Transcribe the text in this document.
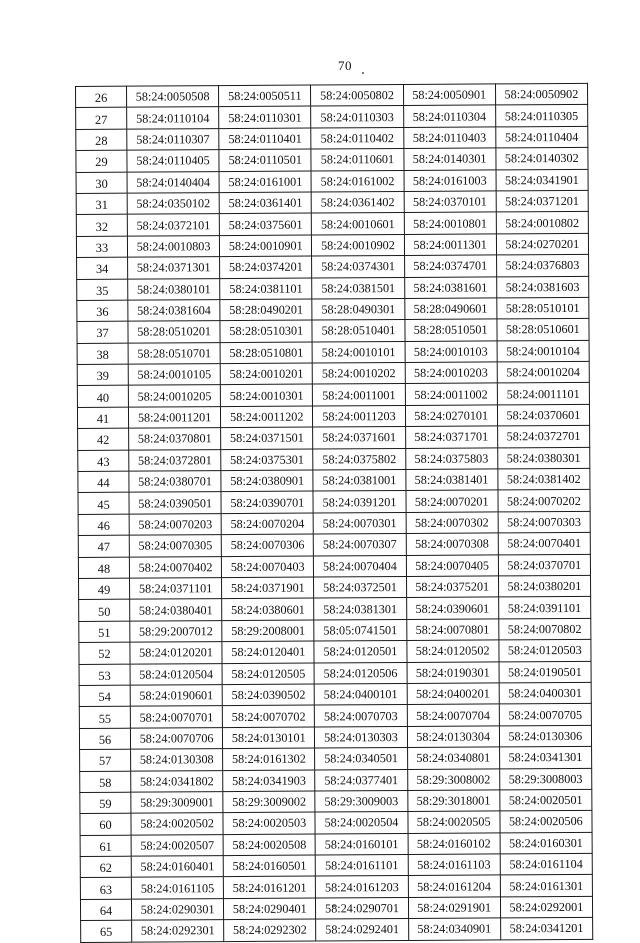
70
26	58:24:0050508	58:24:0050511	58:24:0050802	58:24:0050901	58:24:0050902
27	58:24:0110104	58:24:0110301	58:24:0110303	58:24:0110304	58:24:0110305
28	58:24:0110307	58:24:0110401	58:24:0110402	58:24:0110403	58:24:0110404
29	58:24:0110405	58:24:0110501	58:24:0110601	58:24:0140301	58:24:0140302
30	58:24:0140404	58:24:0161001	58:24:0161002	58:24:0161003	58:24:0341901
31	58:24:0350102	58:24:0361401	58:24:0361402	58:24:0370101	58:24:0371201
32	58:24:0372101	58:24:0375601	58:24:0010601	58:24:0010801	58:24:0010802
33	58:24:0010803	58:24:0010901	58:24:0010902	58:24:0011301	58:24:0270201
34	58:24:0371301	58:24:0374201	58:24:0374301	58:24:0374701	58:24:0376803
35	58:24:0380101	58:24:0381101	58:24:0381501	58:24:0381601	58:24:0381603
36	58:24:0381604	58:28:0490201	58:28:0490301	58:28:0490601	58:28:0510101
37	58:28:0510201	58:28:0510301	58:28:0510401	58:28:0510501	58:28:0510601
38	58:28:0510701	58:28:0510801	58:24:0010101	58:24:0010103	58:24:0010104
39	58:24:0010105	58:24:0010201	58:24:0010202	58:24:0010203	58:24:0010204
40	58:24:0010205	58:24:0010301	58:24:0011001	58:24:0011002	58:24:0011101
41	58:24:0011201	58:24:0011202	58:24:0011203	58:24:0270101	58:24:0370601
42	58:24:0370801	58:24:0371501	58:24:0371601	58:24:0371701	58:24:0372701
43	58:24:0372801	58:24:0375301	58:24:0375802	58:24:0375803	58:24:0380301
44	58:24:0380701	58:24:0380901	58:24:0381001	58:24:0381401	58:24:0381402
45	58:24:0390501	58:24:0390701	58:24:0391201	58:24:0070201	58:24:0070202
46	58:24:0070203	58:24:0070204	58:24:0070301	58:24:0070302	58:24:0070303
47	58:24:0070305	58:24:0070306	58:24:0070307	58:24:0070308	58:24:0070401
48	58:24:0070402	58:24:0070403	58:24:0070404	58:24:0070405	58:24:0370701
49	58:24:0371101	58:24:0371901	58:24:0372501	58:24:0375201	58:24:0380201
50	58:24:0380401	58:24:0380601	58:24:0381301	58:24:0390601	58:24:0391101
51	58:29:2007012	58:29:2008001	58:05:0741501	58:24:0070801	58:24:0070802
52	58:24:0120201	58:24:0120401	58:24:0120501	58:24:0120502	58:24:0120503
53	58:24:0120504	58:24:0120505	58:24:0120506	58:24:0190301	58:24:0190501
54	58:24:0190601	58:24:0390502	58:24:0400101	58:24:0400201	58:24:0400301
55	58:24:0070701	58:24:0070702	58:24:0070703	58:24:0070704	58:24:0070705
56	58:24:0070706	58:24:0130101	58:24:0130303	58:24:0130304	58:24:0130306
57	58:24:0130308	58:24:0161302	58:24:0340501	58:24:0340801	58:24:0341301
58	58:24:0341802	58:24:0341903	58:24:0377401	58:29:3008002	58:29:3008003
59	58:29:3009001	58:29:3009002	58:29:3009003	58:29:3018001	58:24:0020501
60	58:24:0020502	58:24:0020503	58:24:0020504	58:24:0020505	58:24:0020506
61	58:24:0020507	58:24:0020508	58:24:0160101	58:24:0160102	58:24:0160301
62	58:24:0160401	58:24:0160501	58:24:0161101	58:24:0161103	58:24:0161104
63	58:24:0161105	58:24:0161201	58:24:0161203	58:24:0161204	58:24:0161301
64	58:24:0290301	58:24:0290401	58:24:0290701	58:24:0291901	58:24:0292001
65	58:24:0292301	58:24:0292302	58:24:0292401	58:24:0340901	58:24:0341201
